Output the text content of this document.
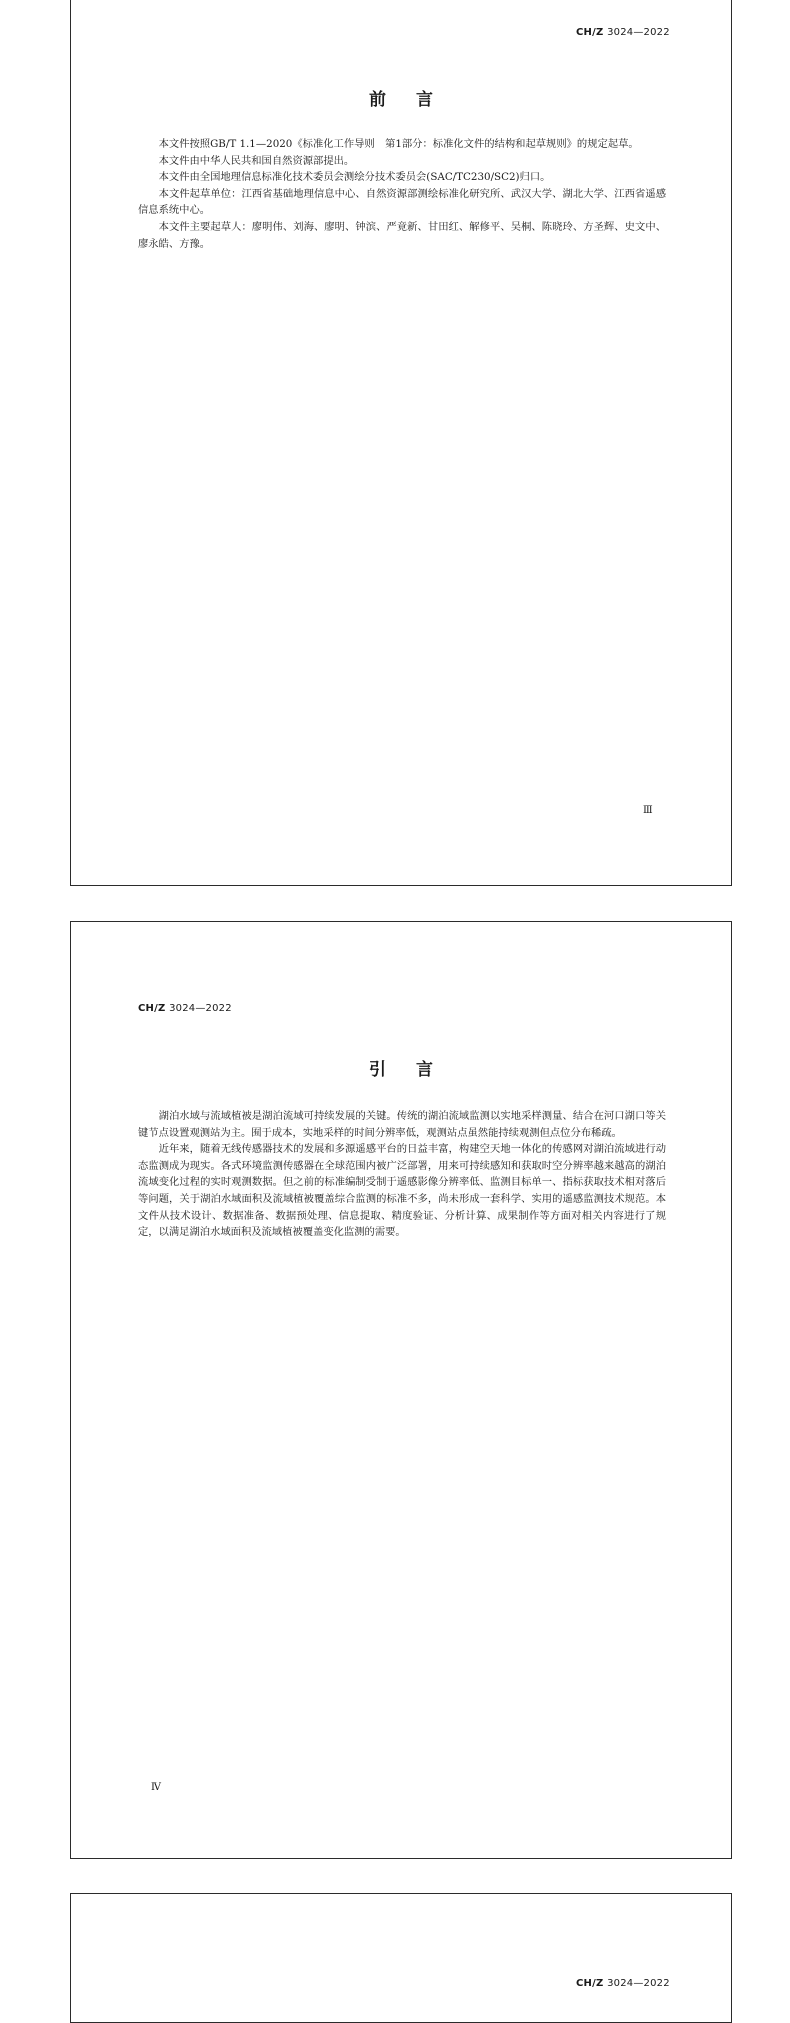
CH/Z 3024—2022
前言

本文件按照GB/T 1.1—2020《标准化工作导则　第1部分：标准化文件的结构和起草规则》的规定起草。

本文件由中华人民共和国自然资源部提出。

本文件由全国地理信息标准化技术委员会测绘分技术委员会(SAC/TC230/SC2)归口。

本文件起草单位：江西省基础地理信息中心、自然资源部测绘标准化研究所、武汉大学、湖北大学、江西省遥感信息系统中心。

本文件主要起草人：廖明伟、刘海、廖明、钟滨、严竟新、甘田红、解修平、吴桐、陈晓玲、方圣辉、史文中、廖永皓、方豫。

Ⅲ
CH/Z 3024—2022
引言

湖泊水域与流域植被是湖泊流域可持续发展的关键。传统的湖泊流域监测以实地采样测量、结合在河口湖口等关键节点设置观测站为主。囿于成本，实地采样的时间分辨率低，观测站点虽然能持续观测但点位分布稀疏。

近年来，随着无线传感器技术的发展和多源遥感平台的日益丰富，构建空天地一体化的传感网对湖泊流域进行动态监测成为现实。各式环境监测传感器在全球范围内被广泛部署，用来可持续感知和获取时空分辨率越来越高的湖泊流域变化过程的实时观测数据。但之前的标准编制受制于遥感影像分辨率低、监测目标单一、指标获取技术相对落后等问题，关于湖泊水域面积及流域植被覆盖综合监测的标准不多，尚未形成一套科学、实用的遥感监测技术规范。本文件从技术设计、数据准备、数据预处理、信息提取、精度验证、分析计算、成果制作等方面对相关内容进行了规定，以满足湖泊水域面积及流域植被覆盖变化监测的需要。

Ⅳ
CH/Z 3024—2022
